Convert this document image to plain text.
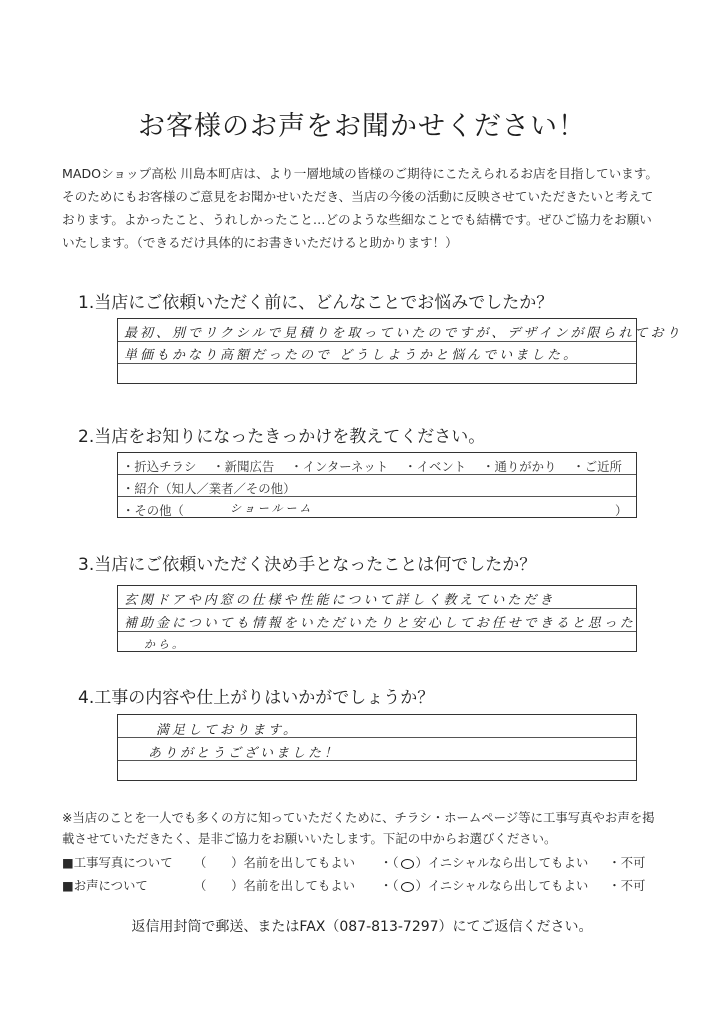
お客様のお声をお聞かせください！
MADOショップ高松 川島本町店は、より一層地域の皆様のご期待にこたえられるお店を目指しています。そのためにもお客様のご意見をお聞かせいただき、当店の今後の活動に反映させていただきたいと考えております。よかったこと、うれしかったこと…どのような些細なことでも結構です。ぜひご協力をお願いいたします。（できるだけ具体的にお書きいただけると助かります！）
1.当店にご依頼いただく前に、どんなことでお悩みでしたか？
最初、別でリクシルで見積りを取っていたのですが、デザインが限られており
単価もかなり高額だったので どうしようかと悩んでいました。
2.当店をお知りになったきっかけを教えてください。
・折込チラシ ・新聞広告 ・インターネット ・イベント ・通りがかり ・ご近所
・紹介（知人／業者／その他）
・その他（	ショールーム	）
3.当店にご依頼いただく決め手となったことは何でしたか？
玄関ドアや内窓の仕様や性能について詳しく教えていただき
補助金についても情報をいただいたりと安心してお任せできると思った
から。
4.工事の内容や仕上がりはいかがでしょうか？
満足しております。
ありがとうございました！
※当店のことを一人でも多くの方に知っていただくために、チラシ・ホームページ等に工事写真やお声を掲載させていただきたく、是非ご協力をお願いいたします。下記の中からお選びください。
■工事写真について （　　）名前を出してもよい ・（ ○ ）イニシャルなら出してもよい ・不可
■お声について	（　　）名前を出してもよい ・（ ○ ）イニシャルなら出してもよい ・不可
返信用封筒で郵送、またはFAX（087-813-7297）にてご返信ください。
